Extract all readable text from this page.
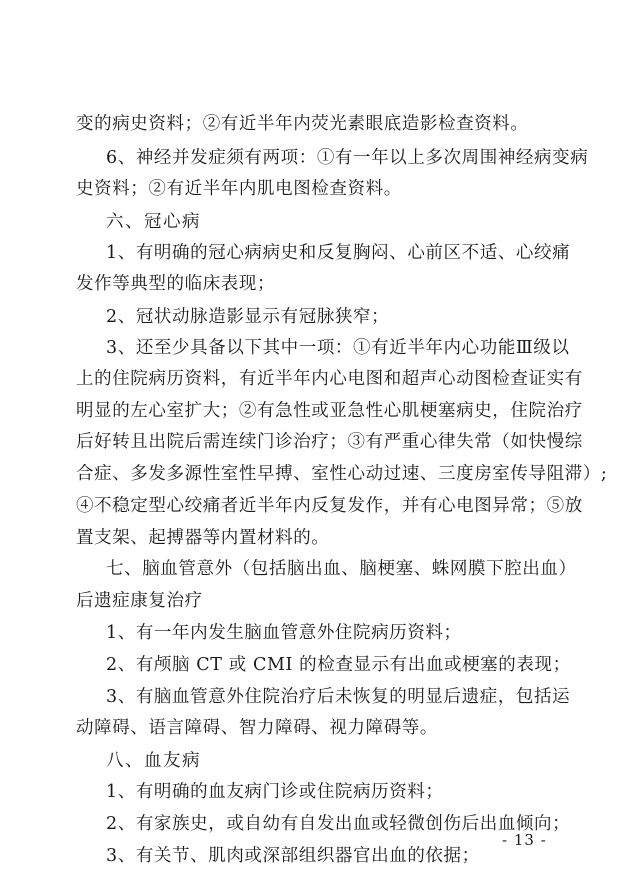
变的病史资料；②有近半年内荧光素眼底造影检查资料。
6、神经并发症须有两项：①有一年以上多次周围神经病变病
史资料；②有近半年内肌电图检查资料。
六、冠心病
1、有明确的冠心病病史和反复胸闷、心前区不适、心绞痛
发作等典型的临床表现；
2、冠状动脉造影显示有冠脉狭窄；
3、还至少具备以下其中一项：①有近半年内心功能Ⅲ级以
上的住院病历资料，有近半年内心电图和超声心动图检查证实有
明显的左心室扩大；②有急性或亚急性心肌梗塞病史，住院治疗
后好转且出院后需连续门诊治疗；③有严重心律失常（如快慢综
合症、多发多源性室性早搏、室性心动过速、三度房室传导阻滞）;
④不稳定型心绞痛者近半年内反复发作，并有心电图异常；⑤放
置支架、起搏器等内置材料的。
七、脑血管意外（包括脑出血、脑梗塞、蛛网膜下腔出血）
后遗症康复治疗
1、有一年内发生脑血管意外住院病历资料；
2、有颅脑 CT 或 CMI 的检查显示有出血或梗塞的表现；
3、有脑血管意外住院治疗后未恢复的明显后遗症，包括运
动障碍、语言障碍、智力障碍、视力障碍等。
八、血友病
1、有明确的血友病门诊或住院病历资料；
2、有家族史，或自幼有自发出血或轻微创伤后出血倾向；
3、有关节、肌肉或深部组织器官出血的依据；
- 13 -
